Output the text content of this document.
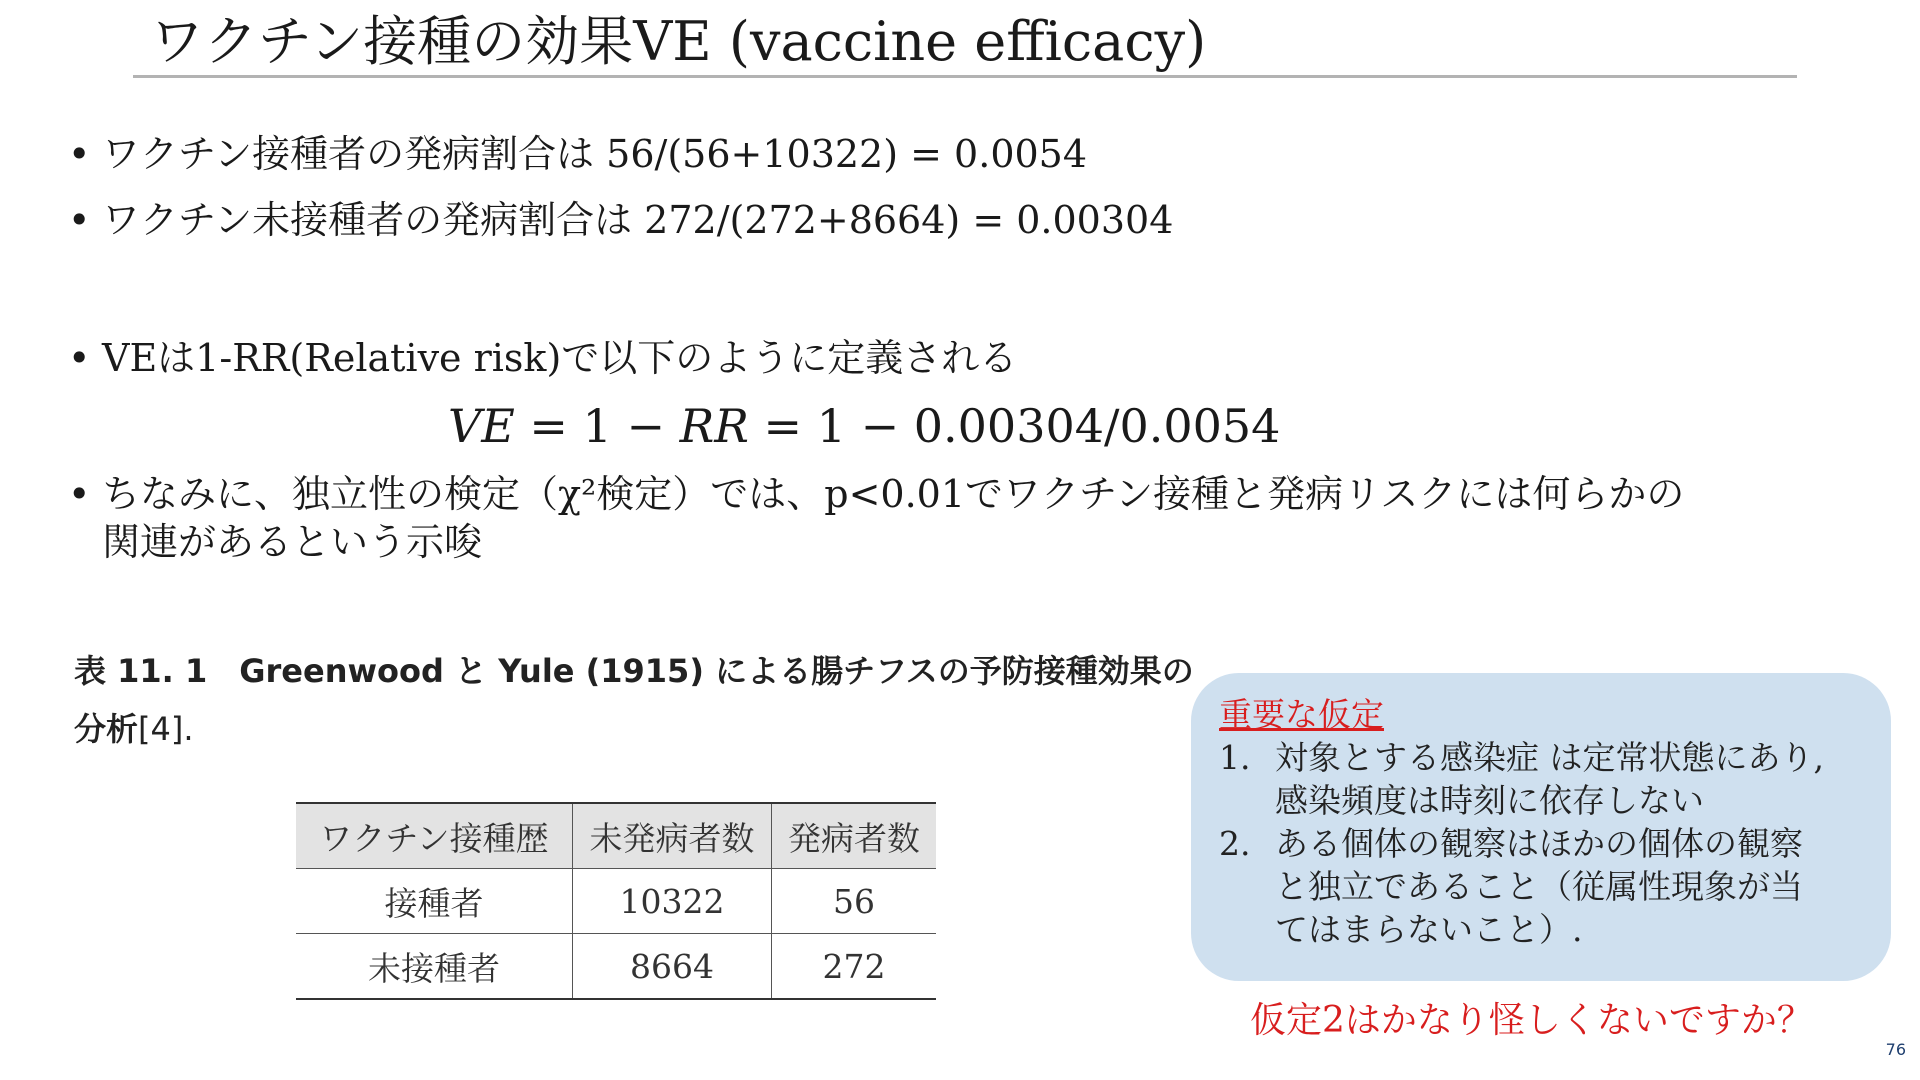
ワクチン接種の効果VE (vaccine efficacy)
• ワクチン接種者の発病割合は 56/(56+10322) = 0.0054
• ワクチン未接種者の発病割合は 272/(272+8664) = 0.00304
• VEは1-RR(Relative risk)で以下のように定義される
VE = 1 − RR = 1 − 0.00304/0.0054
• ちなみに、独立性の検定（χ²検定）では、p<0.01でワクチン接種と発病リスクには何らかの
関連があるという示唆
表 11. 1　Greenwood と Yule (1915) による腸チフスの予防接種効果の
分析[4].
ワクチン接種歴	未発病者数	発病者数
接種者	10322	56
未接種者	8664	272
重要な仮定
1. 対象とする感染症 は定常状態にあり,
感染頻度は時刻に依存しない
2. ある個体の観察はほかの個体の観察
と独立であること（従属性現象が当
てはまらないこと）.
仮定2はかなり怪しくないですか？
76
